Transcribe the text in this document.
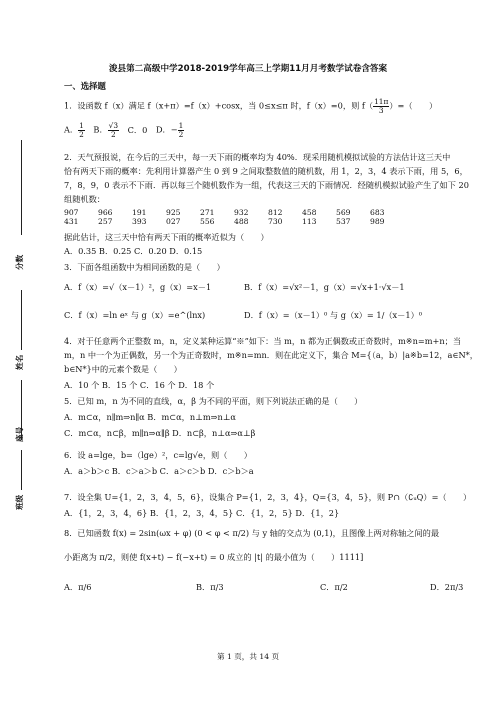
浚县第二高级中学2018-2019学年高三上学期11月月考数学试卷含答案
一、选择题
分数
姓名
座号
班级
1．设函数 f（x）满足 f（x+π）=f（x）+cosx，当 0≤x≤π 时，f（x）=0，则 $f( \frac{11\pi}{3}$ ）=（　　）
A． $\frac{1}{2}$ B． $\frac{√3}{2}$ C．0 D．− $\frac{1}{2}$
2．天气预报说，在今后的三天中，每一天下雨的概率均为 40%．现采用随机模拟试验的方法估计这三天中
恰有两天下雨的概率：先利用计算器产生 0 到 9 之间取整数值的随机数，用 1，2，3，4 表示下雨，用 5，6，
7，8，9，0 表示不下雨．再以每三个随机数作为一组，代表这三天的下雨情况．经随机模拟试验产生了如下 20
组随机数：
907	966	191	925	271	932	812	458	569	683
431	257	393	027	556	488	730	113	537	989
据此估计，这三天中恰有两天下雨的概率近似为（　　）
A．0.35 B．0.25 C．0.20 D．0.15
3．下面各组函数中为相同函数的是（　　）
A．f（x）=√（x－1）²，g（x）=x－1	B．f（x）=√x²－1，g（x）=√x+1·√x－1
C．f（x）=ln eˣ 与 g（x）=e^(lnx)	D．f（x）=（x－1）⁰ 与 g（x）= 1/（x－1）⁰
4．对于任意两个正整数 m，n，定义某种运算“※”如下：当 m，n 都为正偶数或正奇数时，m※n=m+n；当
m，n 中一个为正偶数，另一个为正奇数时，m※n=mn．则在此定义下，集合 M={（a，b）|a※b=12，a∈N*，
b∈N*}中的元素个数是（　　）
A．10 个 B．15 个 C．16 个 D．18 个
5．已知 m，n 为不同的直线，α，β 为不同的平面，则下列说法正确的是（　　）
A．m⊂α，n∥m⇒n∥α B．m⊂α，n⊥m⇒n⊥α
C．m⊂α，n⊂β，m∥n⇒α∥β D．n⊂β，n⊥α⇒α⊥β
6．设 a=lge，b=（lge）²，c=lg√e，则（　　）
A．a＞b＞c B．c＞a＞b C．a＞c＞b D．c＞b＞a
7．设全集 U={1，2，3，4，5，6}，设集合 P={1，2，3，4}，Q={3，4，5}，则 P∩（∁ᵤQ）=（　　）
A．{1，2，3，4，6} B．{1，2，3，4，5} C．{1，2，5} D．{1，2}
8．已知函数 f(x) = 2sin(ωx + φ) (0 < φ < π/2) 与 y 轴的交点为 (0,1)，且图像上两对称轴之间的最
小距离为 π/2，则使 f(x+t) − f(−x+t) = 0 成立的 |t| 的最小值为（　　）1111]
A．π/6	B．π/3	C．π/2	D．2π/3
第 1 页，共 14 页
